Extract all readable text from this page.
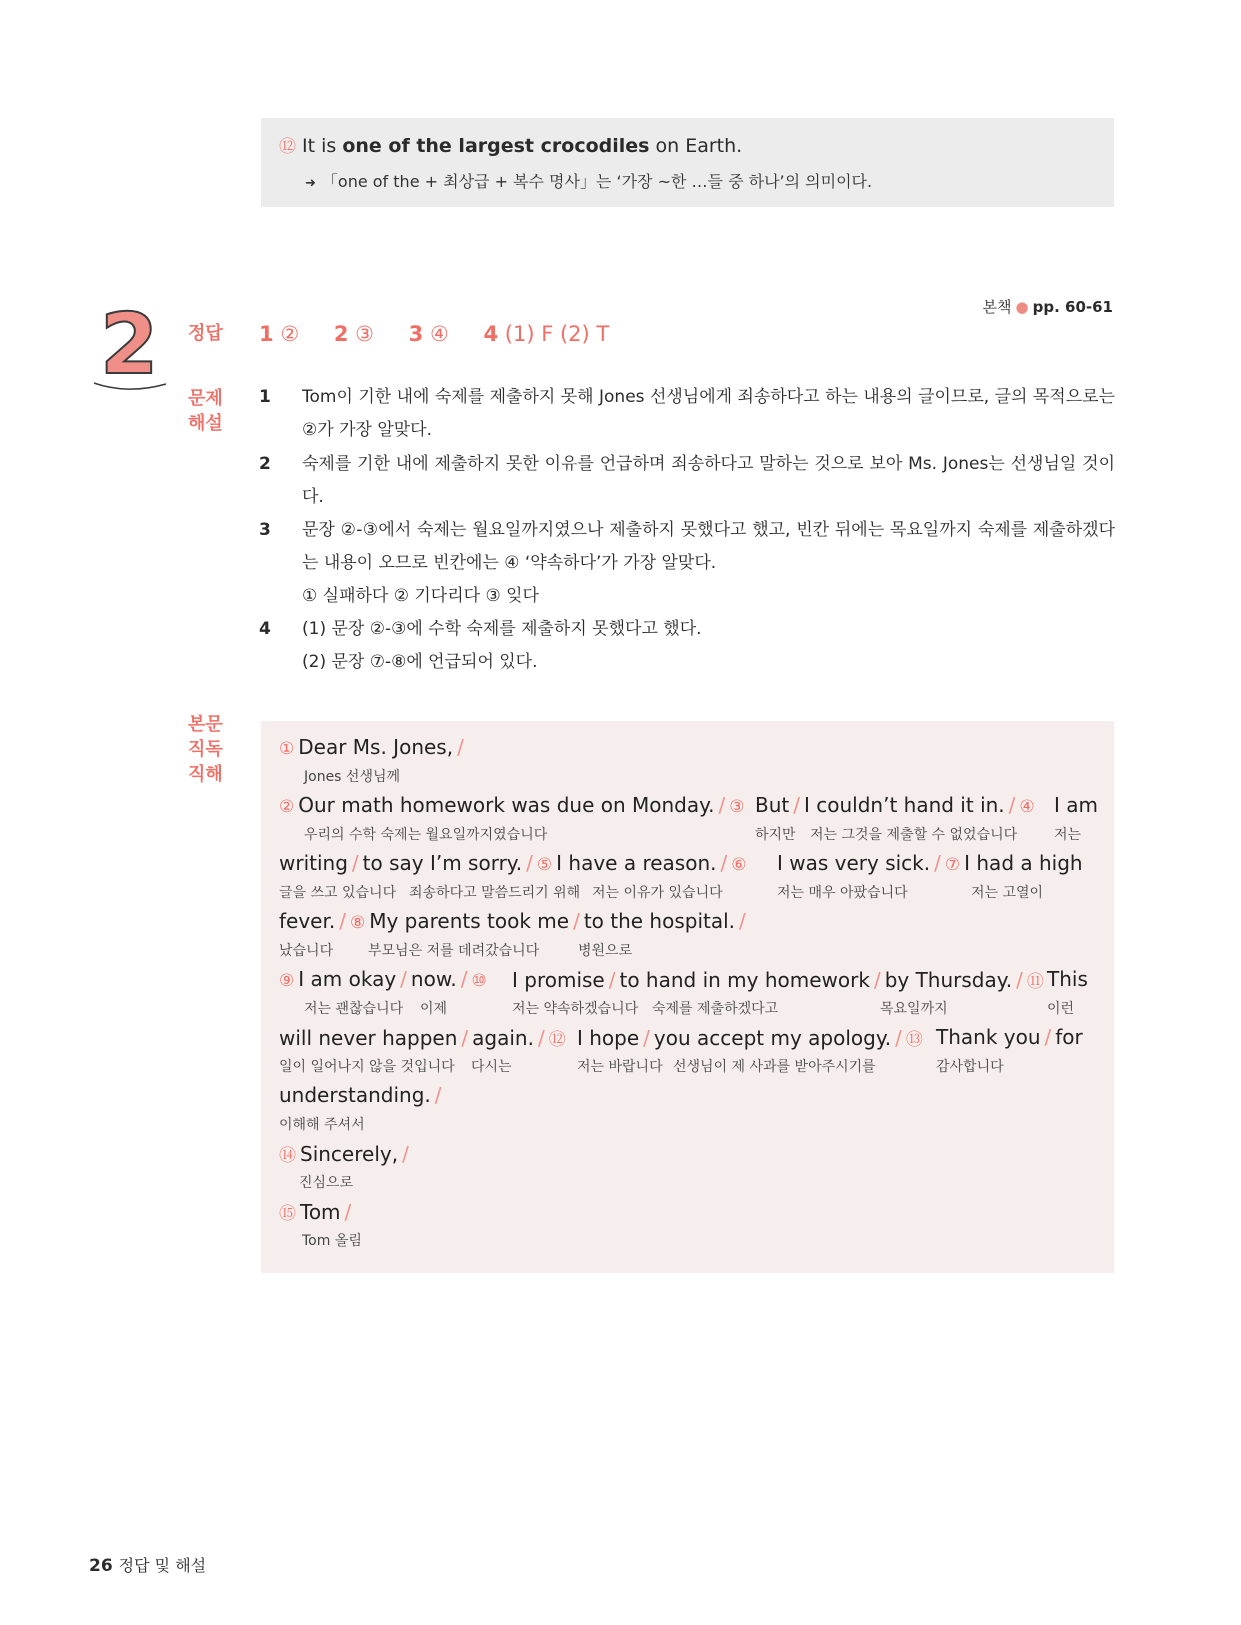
⑫ It is one of the largest crocodiles on Earth.
➜ 「one of the + 최상급 + 복수 명사」는 ‘가장 ~한 …들 중 하나’의 의미이다.
본책 ● pp. 60-61
2 정답
문제
해설
본문
직독
직해
1 ② 2 ③ 3 ④ 4 (1) F (2) T
1 Tom이 기한 내에 숙제를 제출하지 못해 Jones 선생님에게 죄송하다고 하는 내용의 글이므로, 글의 목적으로는 ②가 가장 알맞다.
2 숙제를 기한 내에 제출하지 못한 이유를 언급하며 죄송하다고 말하는 것으로 보아 Ms. Jones는 선생님일 것이다.
3 문장 ②-③에서 숙제는 월요일까지였으나 제출하지 못했다고 했고, 빈칸 뒤에는 목요일까지 숙제를 제출하겠다는 내용이 오므로 빈칸에는 ④ ‘약속하다’가 가장 알맞다.
① 실패하다 ② 기다리다 ③ 잊다
4 (1) 문장 ②-③에 수학 숙제를 제출하지 못했다고 했다.
(2) 문장 ⑦-⑧에 언급되어 있다.
① Dear Ms. Jones, /
Jones 선생님께
② Our math homework was due on Monday. / ③ But / I couldn’t hand it in. / ④ I am
우리의 수학 숙제는 월요일까지였습니다	하지만 저는 그것을 제출할 수 없었습니다	저는
writing / to say I’m sorry. / ⑤ I have a reason. / ⑥ I was very sick. / ⑦ I had a high
글을 쓰고 있습니다 죄송하다고 말씀드리기 위해 저는 이유가 있습니다	저는 매우 아팠습니다	저는 고열이
fever. / ⑧ My parents took me / to the hospital. /
났습니다 부모님은 저를 데려갔습니다	병원으로
⑨ I am okay / now. / ⑩ I promise / to hand in my homework / by Thursday. / ⑪ This
저는 괜찮습니다 이제	저는 약속하겠습니다 숙제를 제출하겠다고	목요일까지	이런
will never happen / again. / ⑫ I hope / you accept my apology. / ⑬ Thank you / for
일이 일어나지 않을 것입니다 다시는	저는 바랍니다 선생님이 제 사과를 받아주시기를	감사합니다
understanding. /
이해해 주셔서
⑭ Sincerely, /
진심으로
⑮ Tom /
Tom 올림
26 정답 및 해설
